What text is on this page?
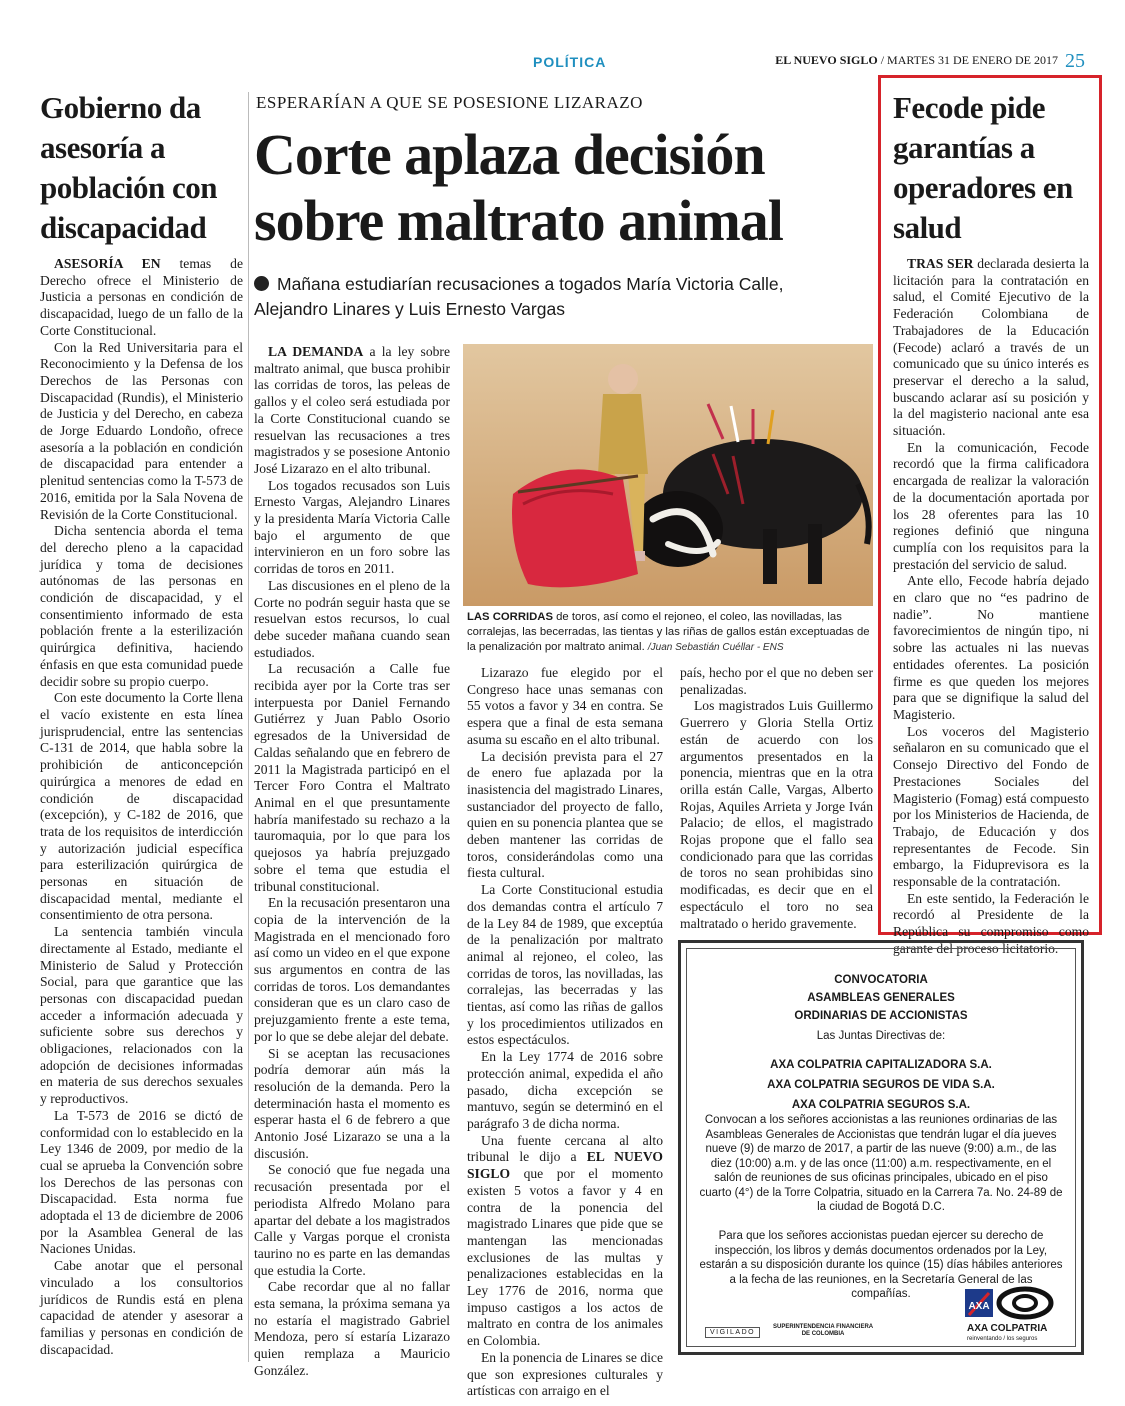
POLÍTICA	EL NUEVO SIGLO / MARTES 31 DE ENERO DE 2017 25
Gobierno da asesoría a población con discapacidad

ASESORÍA EN temas de Derecho ofrece el Ministerio de Justicia a personas en condición de discapacidad, luego de un fallo de la Corte Constitucional.

Con la Red Universitaria para el Reconocimiento y la Defensa de los Derechos de las Personas con Discapacidad (Rundis), el Ministerio de Justicia y del Derecho, en cabeza de Jorge Eduardo Londoño, ofrece asesoría a la población en condición de discapacidad para entender a plenitud sentencias como la T-573 de 2016, emitida por la Sala Novena de Revisión de la Corte Constitucional.

Dicha sentencia aborda el tema del derecho pleno a la capacidad jurídica y toma de decisiones autónomas de las personas en condición de discapacidad, y el consentimiento informado de esta población frente a la esterilización quirúrgica definitiva, haciendo énfasis en que esta comunidad puede decidir sobre su propio cuerpo.

Con este documento la Corte llena el vacío existente en esta línea jurisprudencial, entre las sentencias C-131 de 2014, que habla sobre la prohibición de anticoncepción quirúrgica a menores de edad en condición de discapacidad (excepción), y C-182 de 2016, que trata de los requisitos de interdicción y autorización judicial específica para esterilización quirúrgica de personas en situación de discapacidad mental, mediante el consentimiento de otra persona.

La sentencia también vincula directamente al Estado, mediante el Ministerio de Salud y Protección Social, para que garantice que las personas con discapacidad puedan acceder a información adecuada y suficiente sobre sus derechos y obligaciones, relacionados con la adopción de decisiones informadas en materia de sus derechos sexuales y reproductivos.

La T-573 de 2016 se dictó de conformidad con lo establecido en la Ley 1346 de 2009, por medio de la cual se aprueba la Convención sobre los Derechos de las personas con Discapacidad. Esta norma fue adoptada el 13 de diciembre de 2006 por la Asamblea General de las Naciones Unidas.

Cabe anotar que el personal vinculado a los consultorios jurídicos de Rundis está en plena capacidad de atender y asesorar a familias y personas en condición de discapacidad.

ESPERARÍAN A QUE SE POSESIONE LIZARAZO
Corte aplaza decisión sobre maltrato animal
Mañana estudiarían recusaciones a togados María Victoria Calle, Alejandro Linares y Luis Ernesto Vargas

LA DEMANDA a la ley sobre maltrato animal, que busca prohibir las corridas de toros, las peleas de gallos y el coleo será estudiada por la Corte Constitucional cuando se resuelvan las recusaciones a tres magistrados y se posesione Antonio José Lizarazo en el alto tribunal.

Los togados recusados son Luis Ernesto Vargas, Alejandro Linares y la presidenta María Victoria Calle bajo el argumento de que intervinieron en un foro sobre las corridas de toros en 2011.

Las discusiones en el pleno de la Corte no podrán seguir hasta que se resuelvan estos recursos, lo cual debe suceder mañana cuando sean estudiados.

La recusación a Calle fue recibida ayer por la Corte tras ser interpuesta por Daniel Fernando Gutiérrez y Juan Pablo Osorio egresados de la Universidad de Caldas señalando que en febrero de 2011 la Magistrada participó en el Tercer Foro Contra el Maltrato Animal en el que presuntamente habría manifestado su rechazo a la tauromaquia, por lo que para los quejosos ya habría prejuzgado sobre el tema que estudia el tribunal constitucional.

En la recusación presentaron una copia de la intervención de la Magistrada en el mencionado foro así como un video en el que expone sus argumentos en contra de las corridas de toros. Los demandantes consideran que es un claro caso de prejuzgamiento frente a este tema, por lo que se debe alejar del debate.

Si se aceptan las recusaciones podría demorar aún más la resolución de la demanda. Pero la determinación hasta el momento es esperar hasta el 6 de febrero a que Antonio José Lizarazo se una a la discusión.

Se conoció que fue negada una recusación presentada por el periodista Alfredo Molano para apartar del debate a los magistrados Calle y Vargas porque el cronista taurino no es parte en las demandas que estudia la Corte.

Cabe recordar que al no fallar esta semana, la próxima semana ya no estaría el magistrado Gabriel Mendoza, pero sí estaría Lizarazo quien remplaza a Mauricio González.

LAS CORRIDAS de toros, así como el rejoneo, el coleo, las novilladas, las corralejas, las becerradas, las tientas y las riñas de gallos están exceptuadas de la penalización por maltrato animal. /Juan Sebastián Cuéllar - ENS

Lizarazo fue elegido por el Congreso hace unas semanas con 55 votos a favor y 34 en contra. Se espera que a final de esta semana asuma su escaño en el alto tribunal.

La decisión prevista para el 27 de enero fue aplazada por la inasistencia del magistrado Linares, sustanciador del proyecto de fallo, quien en su ponencia plantea que se deben mantener las corridas de toros, considerándolas como una fiesta cultural.

La Corte Constitucional estudia dos demandas contra el artículo 7 de la Ley 84 de 1989, que exceptúa de la penalización por maltrato animal al rejoneo, el coleo, las corridas de toros, las novilladas, las corralejas, las becerradas y las tientas, así como las riñas de gallos y los procedimientos utilizados en estos espectáculos.

En la Ley 1774 de 2016 sobre protección animal, expedida el año pasado, dicha excepción se mantuvo, según se determinó en el parágrafo 3 de dicha norma.

Una fuente cercana al alto tribunal le dijo a EL NUEVO SIGLO que por el momento existen 5 votos a favor y 4 en contra de la ponencia del magistrado Linares que pide que se mantengan las mencionadas exclusiones de las multas y penalizaciones establecidas en la Ley 1776 de 2016, norma que impuso castigos a los actos de maltrato en contra de los animales en Colombia.

En la ponencia de Linares se dice que son expresiones culturales y artísticas con arraigo en el

país, hecho por el que no deben ser penalizadas.

Los magistrados Luis Guillermo Guerrero y Gloria Stella Ortiz están de acuerdo con los argumentos presentados en la ponencia, mientras que en la otra orilla están Calle, Vargas, Alberto Rojas, Aquiles Arrieta y Jorge Iván Palacio; de ellos, el magistrado Rojas propone que el fallo sea condicionado para que las corridas de toros no sean prohibidas sino modificadas, es decir que en el espectáculo el toro no sea maltratado o herido gravemente.

Fecode pide garantías a operadores en salud

TRAS SER declarada desierta la licitación para la contratación en salud, el Comité Ejecutivo de la Federación Colombiana de Trabajadores de la Educación (Fecode) aclaró a través de un comunicado que su único interés es preservar el derecho a la salud, buscando aclarar así su posición y la del magisterio nacional ante esa situación.

En la comunicación, Fecode recordó que la firma calificadora encargada de realizar la valoración de la documentación aportada por los 28 oferentes para las 10 regiones definió que ninguna cumplía con los requisitos para la prestación del servicio de salud.

Ante ello, Fecode habría dejado en claro que no “es padrino de nadie”. No mantiene favorecimientos de ningún tipo, ni sobre las actuales ni las nuevas entidades oferentes. La posición firme es que queden los mejores para que se dignifique la salud del Magisterio.

Los voceros del Magisterio señalaron en su comunicado que el Consejo Directivo del Fondo de Prestaciones Sociales del Magisterio (Fomag) está compuesto por los Ministerios de Hacienda, de Trabajo, de Educación y dos representantes de Fecode. Sin embargo, la Fiduprevisora es la responsable de la contratación.

En este sentido, la Federación le recordó al Presidente de la República su compromiso como garante del proceso licitatorio.

CONVOCATORIA
ASAMBLEAS GENERALES
ORDINARIAS DE ACCIONISTAS
Las Juntas Directivas de:
AXA COLPATRIA CAPITALIZADORA S.A.
AXA COLPATRIA SEGUROS DE VIDA S.A.
AXA COLPATRIA SEGUROS S.A.
Convocan a los señores accionistas a las reuniones ordinarias de las Asambleas Generales de Accionistas que tendrán lugar el día jueves nueve (9) de marzo de 2017, a partir de las nueve (9:00) a.m., de las diez (10:00) a.m. y de las once (11:00) a.m. respectivamente, en el salón de reuniones de sus oficinas principales, ubicado en el piso cuarto (4°) de la Torre Colpatria, situado en la Carrera 7a. No. 24-89 de la ciudad de Bogotá D.C.
Para que los señores accionistas puedan ejercer su derecho de inspección, los libros y demás documentos ordenados por la Ley, estarán a su disposición durante los quince (15) días hábiles anteriores a la fecha de las reuniones, en la Secretaría General de las compañías.
VIGILADO
SUPERINTENDENCIA FINANCIERA
DE COLOMBIA
AXA
AXA COLPATRIA
reinventando / los seguros
